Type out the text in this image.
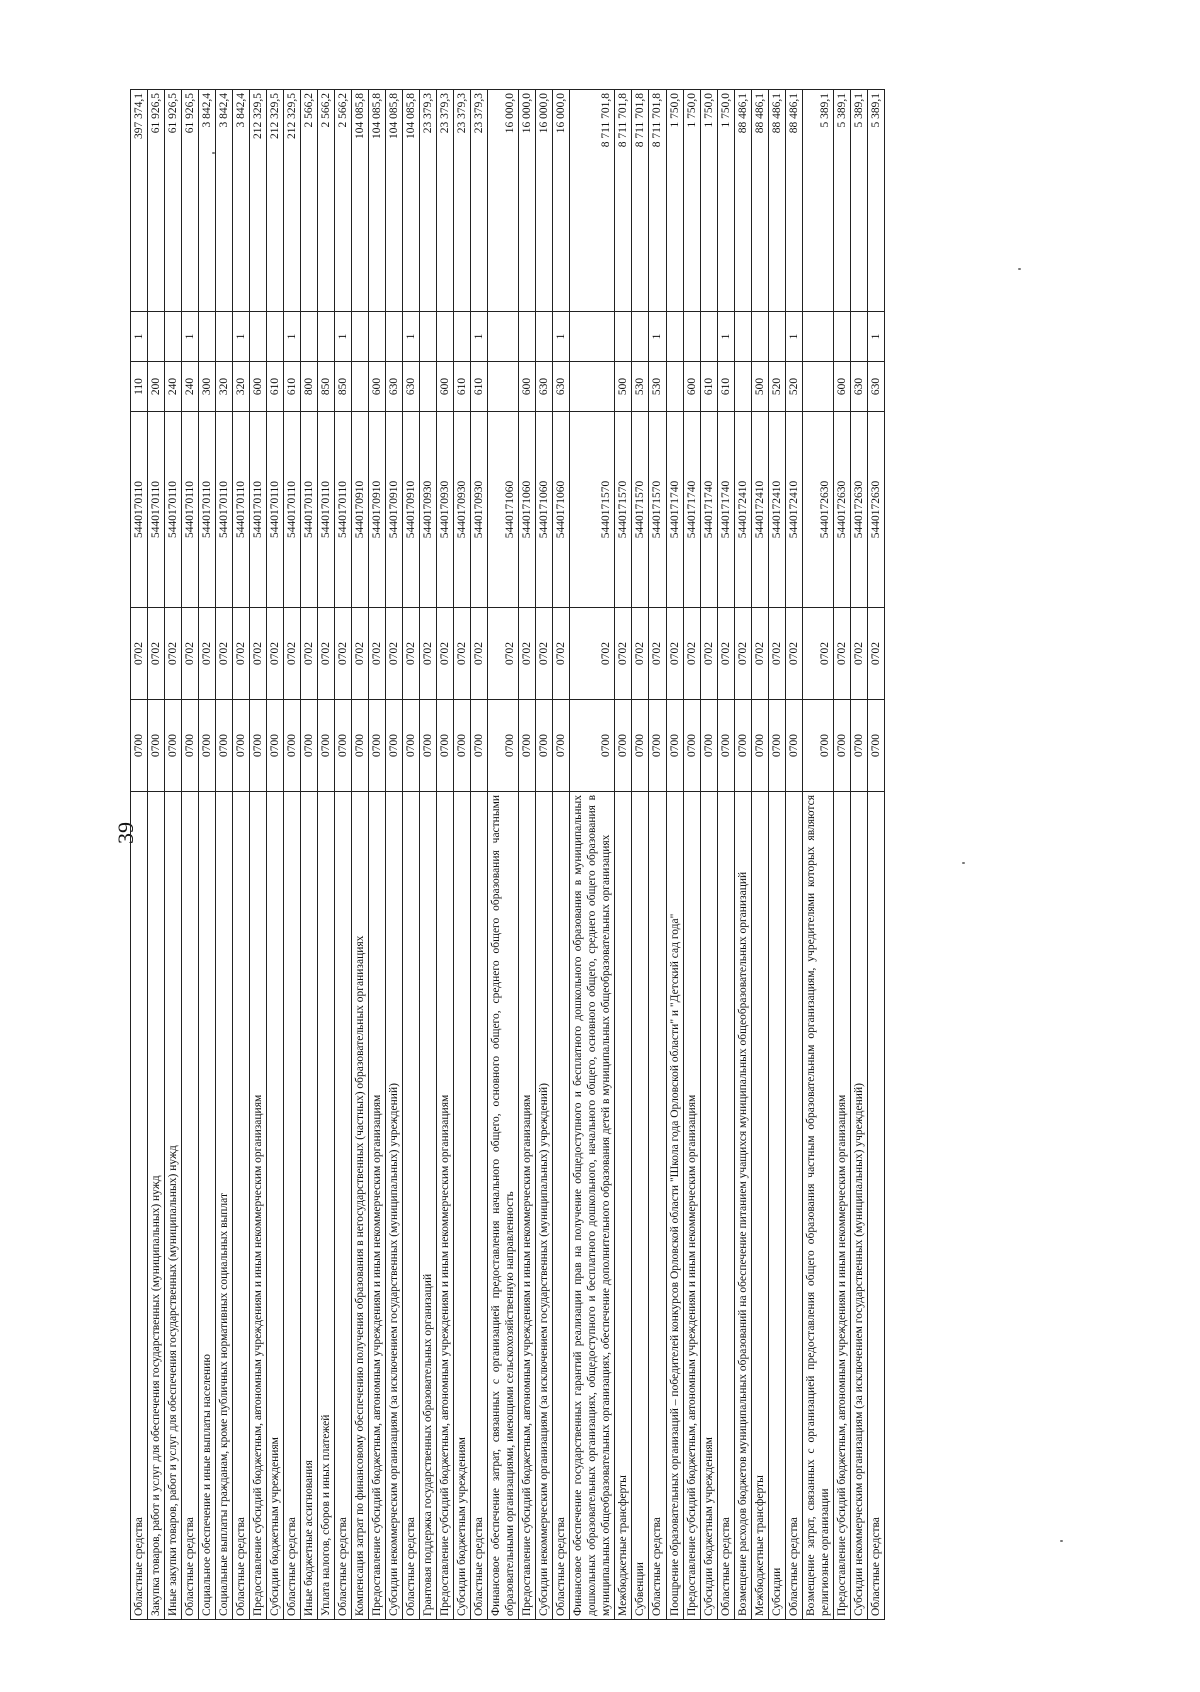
39
Областные средства	0700	0702	5440170110	110	1	397 374,1
Закупка товаров, работ и услуг для обеспечения государственных (муниципальных) нужд	0700	0702	5440170110	200		61 926,5
Иные закупки товаров, работ и услуг для обеспечения государственных (муниципальных) нужд	0700	0702	5440170110	240		61 926,5
Областные средства	0700	0702	5440170110	240	1	61 926,5
Социальное обеспечение и иные выплаты населению	0700	0702	5440170110	300		3 842,4
Социальные выплаты гражданам, кроме публичных нормативных социальных выплат	0700	0702	5440170110	320		3 842,4
Областные средства	0700	0702	5440170110	320	1	3 842,4
Предоставление субсидий бюджетным, автономным учреждениям и иным некоммерческим организациям	0700	0702	5440170110	600		212 329,5
Субсидии бюджетным учреждениям	0700	0702	5440170110	610		212 329,5
Областные средства	0700	0702	5440170110	610	1	212 329,5
Иные бюджетные ассигнования	0700	0702	5440170110	800		2 566,2
Уплата налогов, сборов и иных платежей	0700	0702	5440170110	850		2 566,2
Областные средства	0700	0702	5440170110	850	1	2 566,2
Компенсация затрат по финансовому обеспечению получения образования в негосударственных (частных) образовательных организациях	0700	0702	5440170910			104 085,8
Предоставление субсидий бюджетным, автономным учреждениям и иным некоммерческим организациям	0700	0702	5440170910	600		104 085,8
Субсидии некоммерческим организациям (за исключением государственных (муниципальных) учреждений)	0700	0702	5440170910	630		104 085,8
Областные средства	0700	0702	5440170910	630	1	104 085,8
Грантовая поддержка государственных образовательных организаций	0700	0702	5440170930			23 379,3
Предоставление субсидий бюджетным, автономным учреждениям и иным некоммерческим организациям	0700	0702	5440170930	600		23 379,3
Субсидии бюджетным учреждениям	0700	0702	5440170930	610		23 379,3
Областные средства	0700	0702	5440170930	610	1	23 379,3
Финансовое обеспечение затрат, связанных с организацией предоставления начального общего, основного общего, среднего общего образования частными образовательными организациями, имеющими сельскохозяйственную направленность	0700	0702	5440171060			16 000,0
Предоставление субсидий бюджетным, автономным учреждениям и иным некоммерческим организациям	0700	0702	5440171060	600		16 000,0
Субсидии некоммерческим организациям (за исключением государственных (муниципальных) учреждений)	0700	0702	5440171060	630		16 000,0
Областные средства	0700	0702	5440171060	630	1	16 000,0
Финансовое обеспечение государственных гарантий реализации прав на получение общедоступного и бесплатного дошкольного образования в муниципальных дошкольных образовательных организациях, общедоступного и бесплатного дошкольного, начального общего, основного общего, среднего общего образования в муниципальных общеобразовательных организациях, обеспечение дополнительного образования детей в муниципальных общеобразовательных организациях	0700	0702	5440171570			8 711 701,8
Межбюджетные трансферты	0700	0702	5440171570	500		8 711 701,8
Субвенции	0700	0702	5440171570	530		8 711 701,8
Областные средства	0700	0702	5440171570	530	1	8 711 701,8
Поощрение образовательных организаций – победителей конкурсов Орловской области "Школа года Орловской области" и "Детский сад года"	0700	0702	5440171740			1 750,0
Предоставление субсидий бюджетным, автономным учреждениям и иным некоммерческим организациям	0700	0702	5440171740	600		1 750,0
Субсидии бюджетным учреждениям	0700	0702	5440171740	610		1 750,0
Областные средства	0700	0702	5440171740	610	1	1 750,0
Возмещение расходов бюджетов муниципальных образований на обеспечение питанием учащихся муниципальных общеобразовательных организаций	0700	0702	5440172410			88 486,1
Межбюджетные трансферты	0700	0702	5440172410	500		88 486,1
Субсидии	0700	0702	5440172410	520		88 486,1
Областные средства	0700	0702	5440172410	520	1	88 486,1
Возмещение затрат, связанных с организацией предоставления общего образования частным образовательным организациям, учредителями которых являются религиозные организации	0700	0702	5440172630			5 389,1
Предоставление субсидий бюджетным, автономным учреждениям и иным некоммерческим организациям	0700	0702	5440172630	600		5 389,1
Субсидии некоммерческим организациям (за исключением государственных (муниципальных) учреждений)	0700	0702	5440172630	630		5 389,1
Областные средства	0700	0702	5440172630	630	1	5 389,1
